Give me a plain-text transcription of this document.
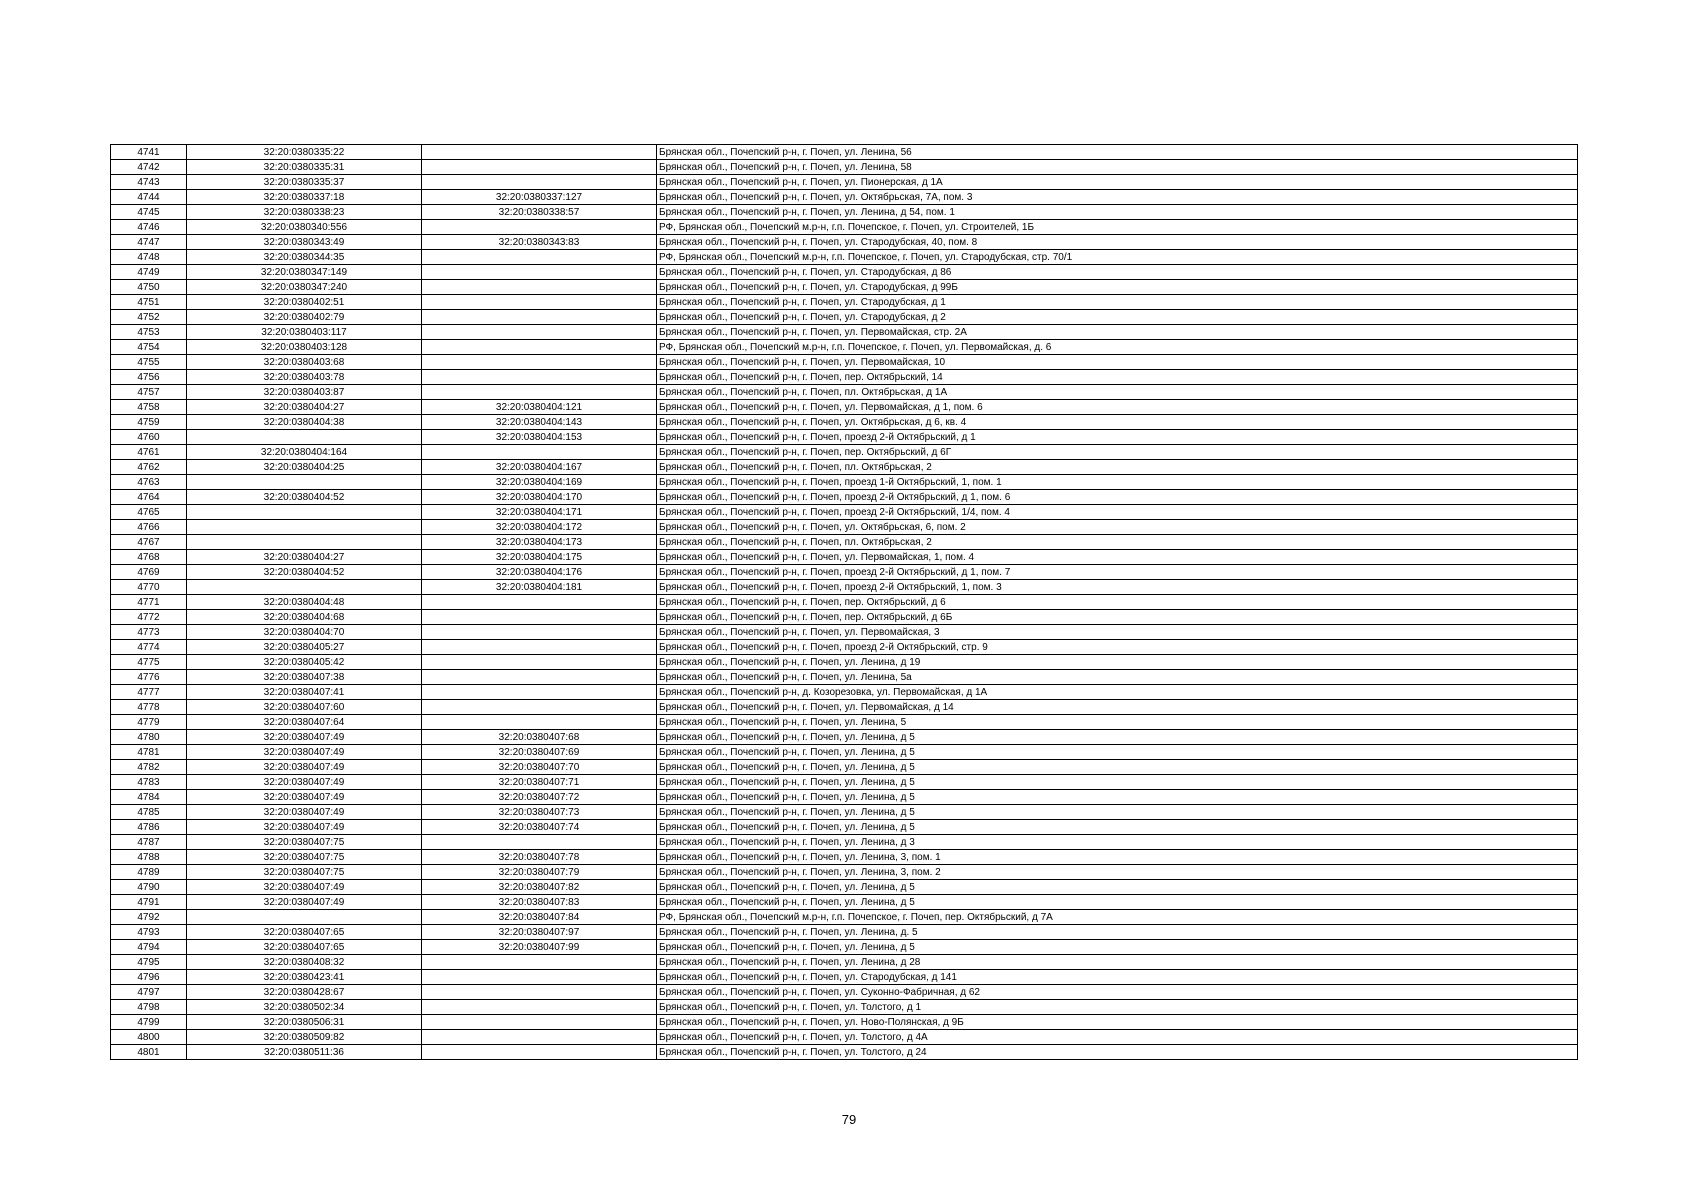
4741	32:20:0380335:22		Брянская обл., Почепский р-н, г. Почеп, ул. Ленина, 56
4742	32:20:0380335:31		Брянская обл., Почепский р-н, г. Почеп, ул. Ленина, 58
4743	32:20:0380335:37		Брянская обл., Почепский р-н, г. Почеп, ул. Пионерская, д 1А
4744	32:20:0380337:18	32:20:0380337:127	Брянская обл., Почепский р-н, г. Почеп, ул. Октябрьская, 7А, пом. 3
4745	32:20:0380338:23	32:20:0380338:57	Брянская обл., Почепский р-н, г. Почеп, ул. Ленина, д 54, пом. 1
4746	32:20:0380340:556		РФ, Брянская обл., Почепский м.р-н, г.п. Почепское, г. Почеп, ул. Строителей, 1Б
4747	32:20:0380343:49	32:20:0380343:83	Брянская обл., Почепский р-н, г. Почеп, ул. Стародубская, 40, пом. 8
4748	32:20:0380344:35		РФ, Брянская обл., Почепский м.р-н, г.п. Почепское, г. Почеп, ул. Стародубская, стр. 70/1
4749	32:20:0380347:149		Брянская обл., Почепский р-н, г. Почеп, ул. Стародубская, д 86
4750	32:20:0380347:240		Брянская обл., Почепский р-н, г. Почеп, ул. Стародубская, д 99Б
4751	32:20:0380402:51		Брянская обл., Почепский р-н, г. Почеп, ул. Стародубская, д 1
4752	32:20:0380402:79		Брянская обл., Почепский р-н, г. Почеп, ул. Стародубская, д 2
4753	32:20:0380403:117		Брянская обл., Почепский р-н, г. Почеп, ул. Первомайская, стр. 2А
4754	32:20:0380403:128		РФ, Брянская обл., Почепский м.р-н, г.п. Почепское, г. Почеп, ул. Первомайская, д. 6
4755	32:20:0380403:68		Брянская обл., Почепский р-н, г. Почеп, ул. Первомайская, 10
4756	32:20:0380403:78		Брянская обл., Почепский р-н, г. Почеп, пер. Октябрьский, 14
4757	32:20:0380403:87		Брянская обл., Почепский р-н, г. Почеп, пл. Октябрьская, д 1А
4758	32:20:0380404:27	32:20:0380404:121	Брянская обл., Почепский р-н, г. Почеп, ул. Первомайская, д 1, пом. 6
4759	32:20:0380404:38	32:20:0380404:143	Брянская обл., Почепский р-н, г. Почеп, ул. Октябрьская, д 6, кв. 4
4760		32:20:0380404:153	Брянская обл., Почепский р-н, г. Почеп, проезд 2-й Октябрьский, д 1
4761	32:20:0380404:164		Брянская обл., Почепский р-н, г. Почеп, пер. Октябрьский, д 6Г
4762	32:20:0380404:25	32:20:0380404:167	Брянская обл., Почепский р-н, г. Почеп, пл. Октябрьская, 2
4763		32:20:0380404:169	Брянская обл., Почепский р-н, г. Почеп, проезд 1-й Октябрьский, 1, пом. 1
4764	32:20:0380404:52	32:20:0380404:170	Брянская обл., Почепский р-н, г. Почеп, проезд 2-й Октябрьский, д 1, пом. 6
4765		32:20:0380404:171	Брянская обл., Почепский р-н, г. Почеп, проезд 2-й Октябрьский, 1/4, пом. 4
4766		32:20:0380404:172	Брянская обл., Почепский р-н, г. Почеп, ул. Октябрьская, 6, пом. 2
4767		32:20:0380404:173	Брянская обл., Почепский р-н, г. Почеп, пл. Октябрьская, 2
4768	32:20:0380404:27	32:20:0380404:175	Брянская обл., Почепский р-н, г. Почеп, ул. Первомайская, 1, пом. 4
4769	32:20:0380404:52	32:20:0380404:176	Брянская обл., Почепский р-н, г. Почеп, проезд 2-й Октябрьский, д 1, пом. 7
4770		32:20:0380404:181	Брянская обл., Почепский р-н, г. Почеп, проезд 2-й Октябрьский, 1, пом. 3
4771	32:20:0380404:48		Брянская обл., Почепский р-н, г. Почеп, пер. Октябрьский, д 6
4772	32:20:0380404:68		Брянская обл., Почепский р-н, г. Почеп, пер. Октябрьский, д 6Б
4773	32:20:0380404:70		Брянская обл., Почепский р-н, г. Почеп, ул. Первомайская, 3
4774	32:20:0380405:27		Брянская обл., Почепский р-н, г. Почеп, проезд 2-й Октябрьский, стр. 9
4775	32:20:0380405:42		Брянская обл., Почепский р-н, г. Почеп, ул. Ленина, д 19
4776	32:20:0380407:38		Брянская обл., Почепский р-н, г. Почеп, ул. Ленина, 5а
4777	32:20:0380407:41		Брянская обл., Почепский р-н, д. Козорезовка, ул. Первомайская, д 1А
4778	32:20:0380407:60		Брянская обл., Почепский р-н, г. Почеп, ул. Первомайская, д 14
4779	32:20:0380407:64		Брянская обл., Почепский р-н, г. Почеп, ул. Ленина, 5
4780	32:20:0380407:49	32:20:0380407:68	Брянская обл., Почепский р-н, г. Почеп, ул. Ленина, д 5
4781	32:20:0380407:49	32:20:0380407:69	Брянская обл., Почепский р-н, г. Почеп, ул. Ленина, д 5
4782	32:20:0380407:49	32:20:0380407:70	Брянская обл., Почепский р-н, г. Почеп, ул. Ленина, д 5
4783	32:20:0380407:49	32:20:0380407:71	Брянская обл., Почепский р-н, г. Почеп, ул. Ленина, д 5
4784	32:20:0380407:49	32:20:0380407:72	Брянская обл., Почепский р-н, г. Почеп, ул. Ленина, д 5
4785	32:20:0380407:49	32:20:0380407:73	Брянская обл., Почепский р-н, г. Почеп, ул. Ленина, д 5
4786	32:20:0380407:49	32:20:0380407:74	Брянская обл., Почепский р-н, г. Почеп, ул. Ленина, д 5
4787	32:20:0380407:75		Брянская обл., Почепский р-н, г. Почеп, ул. Ленина, д 3
4788	32:20:0380407:75	32:20:0380407:78	Брянская обл., Почепский р-н, г. Почеп, ул. Ленина, 3, пом. 1
4789	32:20:0380407:75	32:20:0380407:79	Брянская обл., Почепский р-н, г. Почеп, ул. Ленина, 3, пом. 2
4790	32:20:0380407:49	32:20:0380407:82	Брянская обл., Почепский р-н, г. Почеп, ул. Ленина, д 5
4791	32:20:0380407:49	32:20:0380407:83	Брянская обл., Почепский р-н, г. Почеп, ул. Ленина, д 5
4792		32:20:0380407:84	РФ, Брянская обл., Почепский м.р-н, г.п. Почепское, г. Почеп, пер. Октябрьский, д 7А
4793	32:20:0380407:65	32:20:0380407:97	Брянская обл., Почепский р-н, г. Почеп, ул. Ленина, д. 5
4794	32:20:0380407:65	32:20:0380407:99	Брянская обл., Почепский р-н, г. Почеп, ул. Ленина, д 5
4795	32:20:0380408:32		Брянская обл., Почепский р-н, г. Почеп, ул. Ленина, д 28
4796	32:20:0380423:41		Брянская обл., Почепский р-н, г. Почеп, ул. Стародубская, д 141
4797	32:20:0380428:67		Брянская обл., Почепский р-н, г. Почеп, ул. Суконно-Фабричная, д 62
4798	32:20:0380502:34		Брянская обл., Почепский р-н, г. Почеп, ул. Толстого, д 1
4799	32:20:0380506:31		Брянская обл., Почепский р-н, г. Почеп, ул. Ново-Полянская, д 9Б
4800	32:20:0380509:82		Брянская обл., Почепский р-н, г. Почеп, ул. Толстого, д 4А
4801	32:20:0380511:36		Брянская обл., Почепский р-н, г. Почеп, ул. Толстого, д 24
79
